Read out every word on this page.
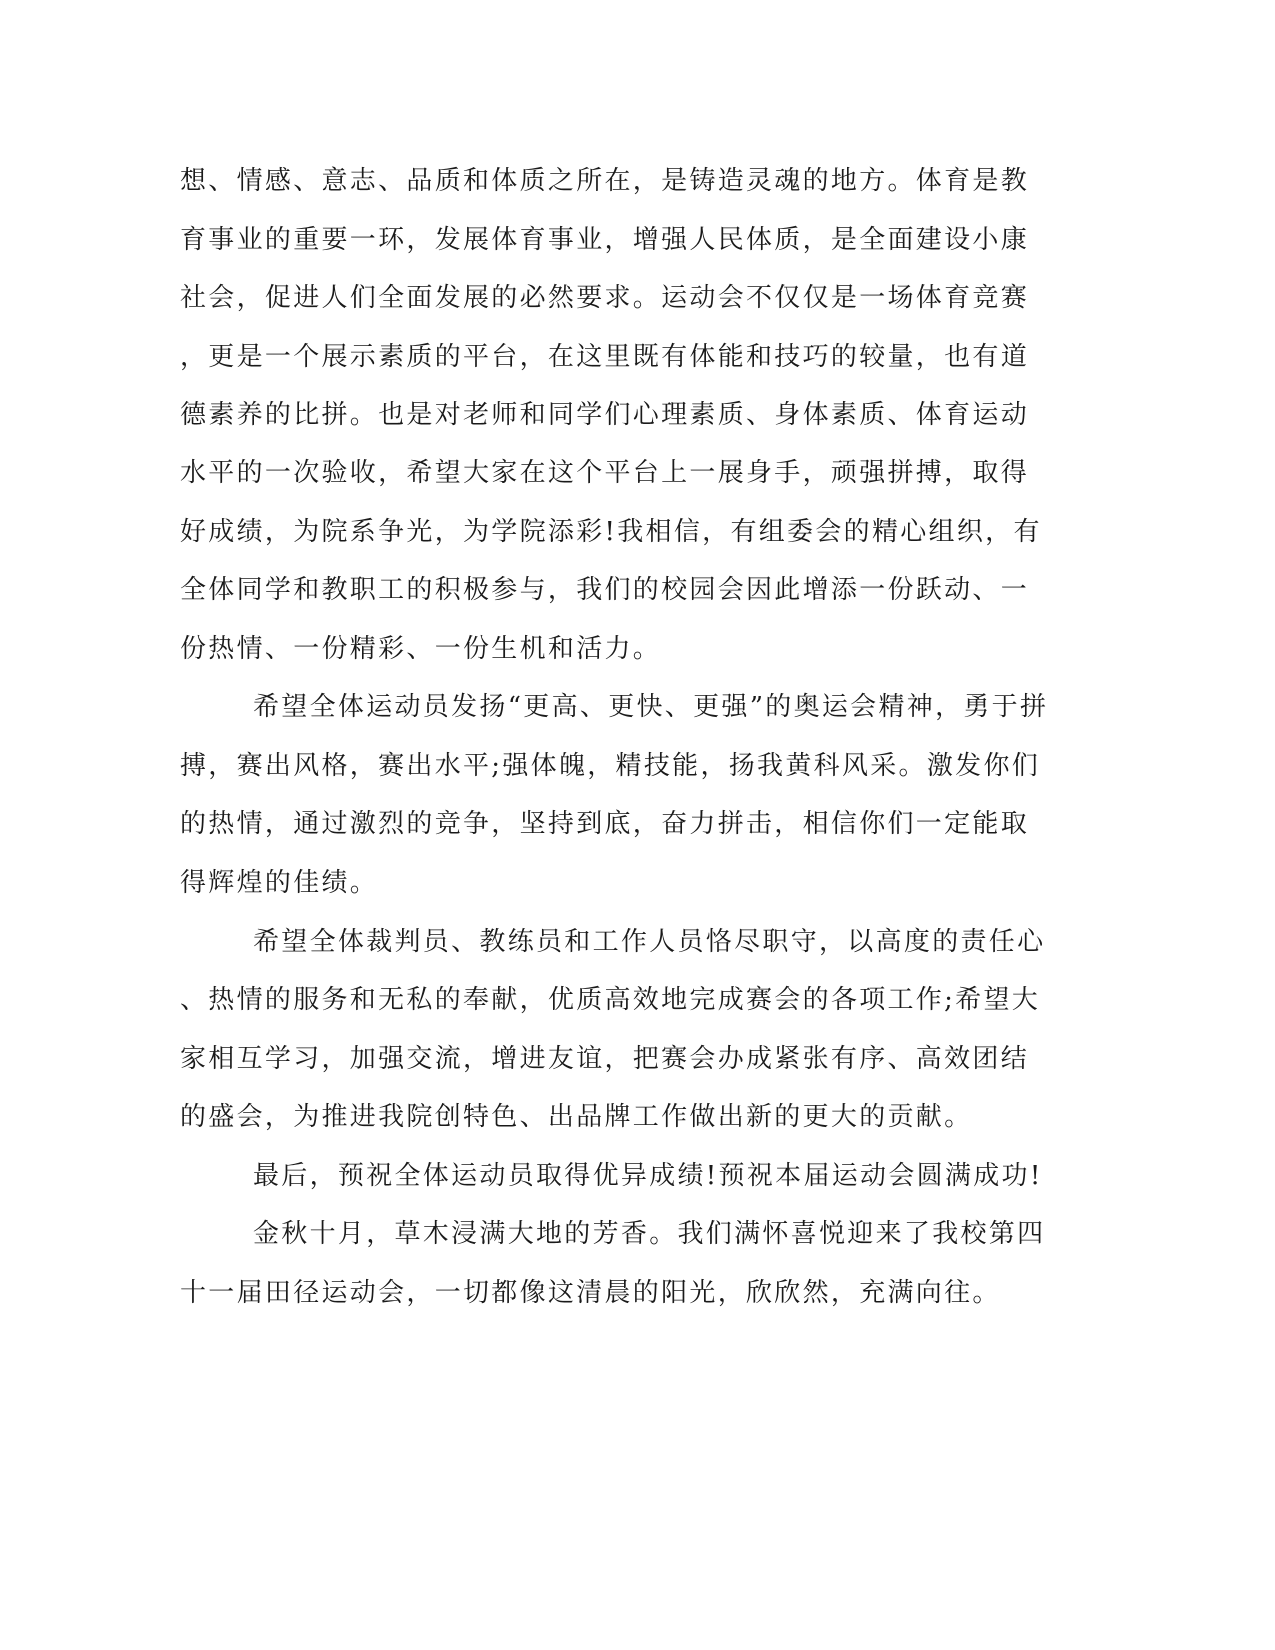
想、情感、意志、品质和体质之所在，是铸造灵魂的地方。体育是教
育事业的重要一环，发展体育事业，增强人民体质，是全面建设小康
社会，促进人们全面发展的必然要求。运动会不仅仅是一场体育竞赛
，更是一个展示素质的平台，在这里既有体能和技巧的较量，也有道
德素养的比拼。也是对老师和同学们心理素质、身体素质、体育运动
水平的一次验收，希望大家在这个平台上一展身手，顽强拼搏，取得
好成绩，为院系争光，为学院添彩!我相信，有组委会的精心组织，有
全体同学和教职工的积极参与，我们的校园会因此增添一份跃动、一
份热情、一份精彩、一份生机和活力。
希望全体运动员发扬“更高、更快、更强”的奥运会精神，勇于拼
搏，赛出风格，赛出水平;强体魄，精技能，扬我黄科风采。激发你们
的热情，通过激烈的竞争，坚持到底，奋力拼击，相信你们一定能取
得辉煌的佳绩。
希望全体裁判员、教练员和工作人员恪尽职守，以高度的责任心
、热情的服务和无私的奉献，优质高效地完成赛会的各项工作;希望大
家相互学习，加强交流，增进友谊，把赛会办成紧张有序、高效团结
的盛会，为推进我院创特色、出品牌工作做出新的更大的贡献。
最后，预祝全体运动员取得优异成绩!预祝本届运动会圆满成功!
金秋十月，草木浸满大地的芳香。我们满怀喜悦迎来了我校第四
十一届田径运动会，一切都像这清晨的阳光，欣欣然，充满向往。
